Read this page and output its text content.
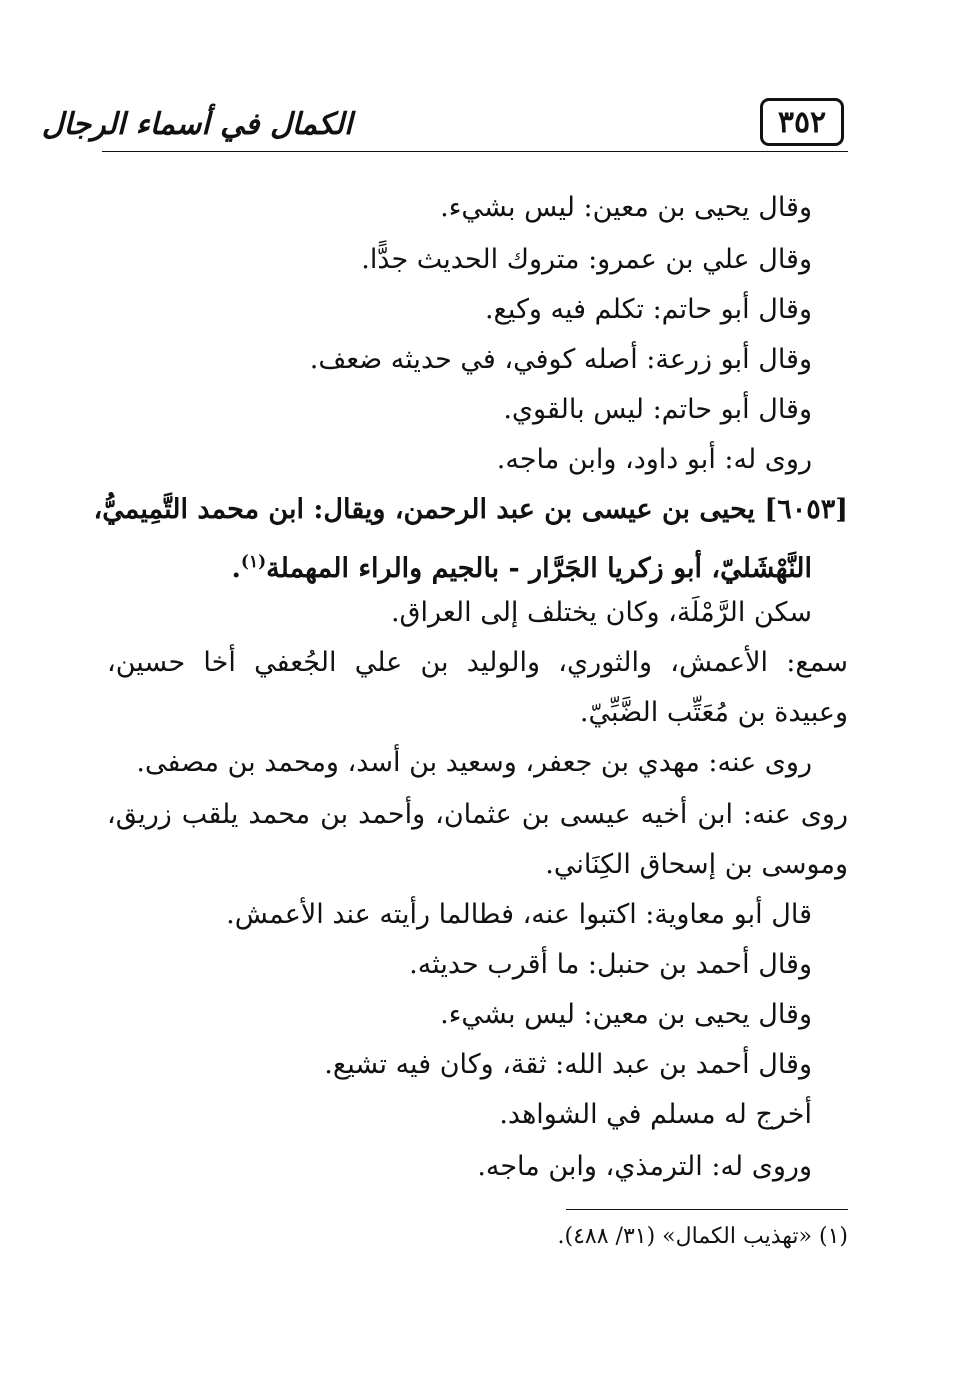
٣٥٢
الكمال في أسماء الرجال
وقال يحيى بن معين: ليس بشيء.
وقال علي بن عمرو: متروك الحديث جدًّا.
وقال أبو حاتم: تكلم فيه وكيع.
وقال أبو زرعة: أصله كوفي، في حديثه ضعف.
وقال أبو حاتم: ليس بالقوي.
روى له: أبو داود، وابن ماجه.
[٦٠٥٣] يحيى بن عيسى بن عبد الرحمن، ويقال: ابن محمد التَّمِيميُّ،
النَّهْشَليّ، أبو زكريا الجَرَّار - بالجيم والراء المهملة$^{(١)}$.
سكن الرَّمْلَة، وكان يختلف إلى العراق.
سمع: الأعمش، والثوري، والوليد بن علي الجُعفي أخا حسين،
وعبيدة بن مُعَتِّب الضَّبِّيّ.
روى عنه: مهدي بن جعفر، وسعيد بن أسد، ومحمد بن مصفى.
روى عنه: ابن أخيه عيسى بن عثمان، وأحمد بن محمد يلقب زريق،
وموسى بن إسحاق الكِنَاني.
قال أبو معاوية: اكتبوا عنه، فطالما رأيته عند الأعمش.
وقال أحمد بن حنبل: ما أقرب حديثه.
وقال يحيى بن معين: ليس بشيء.
وقال أحمد بن عبد الله: ثقة، وكان فيه تشيع.
أخرج له مسلم في الشواهد.
وروى له: الترمذي، وابن ماجه.
(١) «تهذيب الكمال» (٣١/ ٤٨٨).
